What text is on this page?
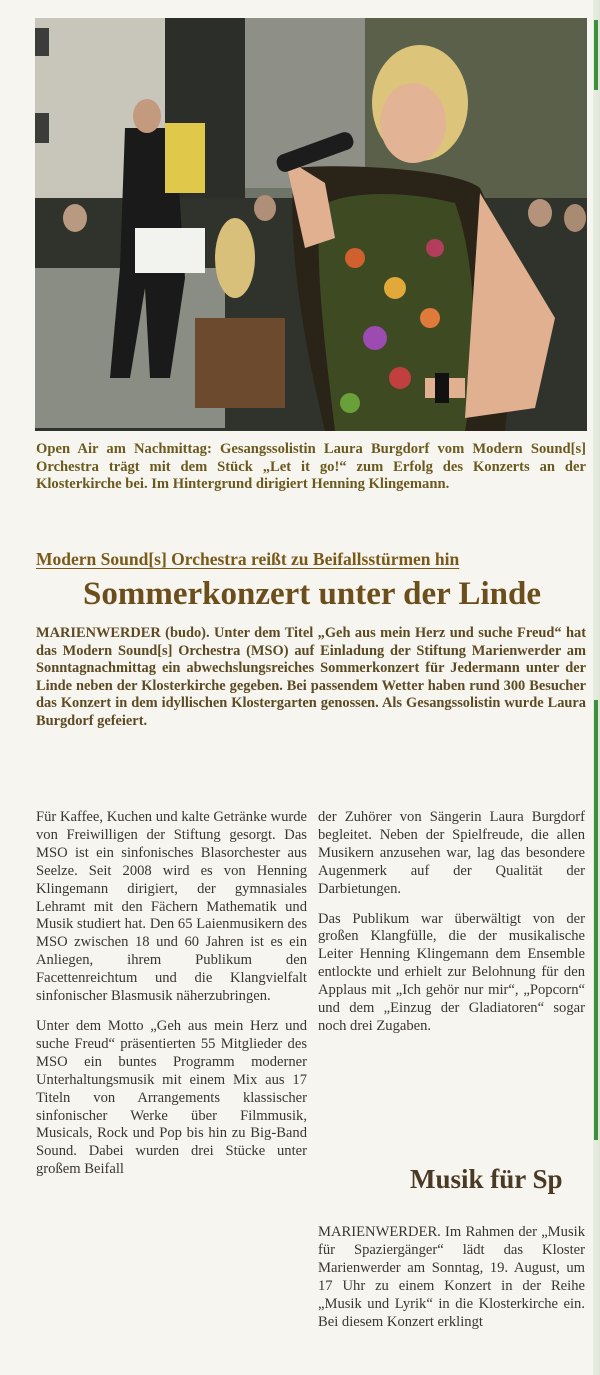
Open Air am Nachmittag: Gesangssolistin Laura Burgdorf vom Modern Sound[s] Orchestra trägt mit dem Stück „Let it go!“ zum Erfolg des Konzerts an der Klosterkirche bei. Im Hintergrund dirigiert Henning Klingemann.
Modern Sound[s] Orchestra reißt zu Beifallsstürmen hin
Sommerkonzert unter der Linde
MARIENWERDER (budo). Unter dem Titel „Geh aus mein Herz und suche Freud“ hat das Modern Sound[s] Orchestra (MSO) auf Einladung der Stiftung Marienwerder am Sonntagnachmittag ein abwechslungsreiches Sommerkonzert für Jedermann unter der Linde neben der Klosterkirche gegeben. Bei passendem Wetter haben rund 300 Besucher das Konzert in dem idyllischen Klostergarten genossen. Als Gesangssolistin wurde Laura Burgdorf gefeiert.

Für Kaffee, Kuchen und kalte Getränke wurde von Freiwilligen der Stiftung gesorgt. Das MSO ist ein sinfonisches Blasorchester aus Seelze. Seit 2008 wird es von Henning Klingemann dirigiert, der gymnasiales Lehramt mit den Fächern Mathematik und Musik studiert hat. Den 65 Laienmusikern des MSO zwischen 18 und 60 Jahren ist es ein Anliegen, ihrem Publikum den Facettenreichtum und die Klangvielfalt sinfonischer Blasmusik näherzubringen.

Unter dem Motto „Geh aus mein Herz und suche Freud“ präsentierten 55 Mitglieder des MSO ein buntes Programm moderner Unterhaltungsmusik mit einem Mix aus 17 Titeln von Arrangements klassischer sinfonischer Werke über Filmmusik, Musicals, Rock und Pop bis hin zu Big-Band Sound. Dabei wurden drei Stücke unter großem Beifall

der Zuhörer von Sängerin Laura Burgdorf begleitet. Neben der Spielfreude, die allen Musikern anzusehen war, lag das besondere Augenmerk auf der Qualität der Darbietungen.

Das Publikum war überwältigt von der großen Klangfülle, die der musikalische Leiter Henning Klingemann dem Ensemble entlockte und erhielt zur Belohnung für den Applaus mit „Ich gehör nur mir“, „Popcorn“ und dem „Einzug der Gladiatoren“ sogar noch drei Zugaben.

Musik für Sp

MARIENWERDER. Im Rahmen der „Musik für Spaziergänger“ lädt das Kloster Marienwerder am Sonntag, 19. August, um 17 Uhr zu einem Konzert in der Reihe „Musik und Lyrik“ in die Klosterkirche ein. Bei diesem Konzert erklingt
